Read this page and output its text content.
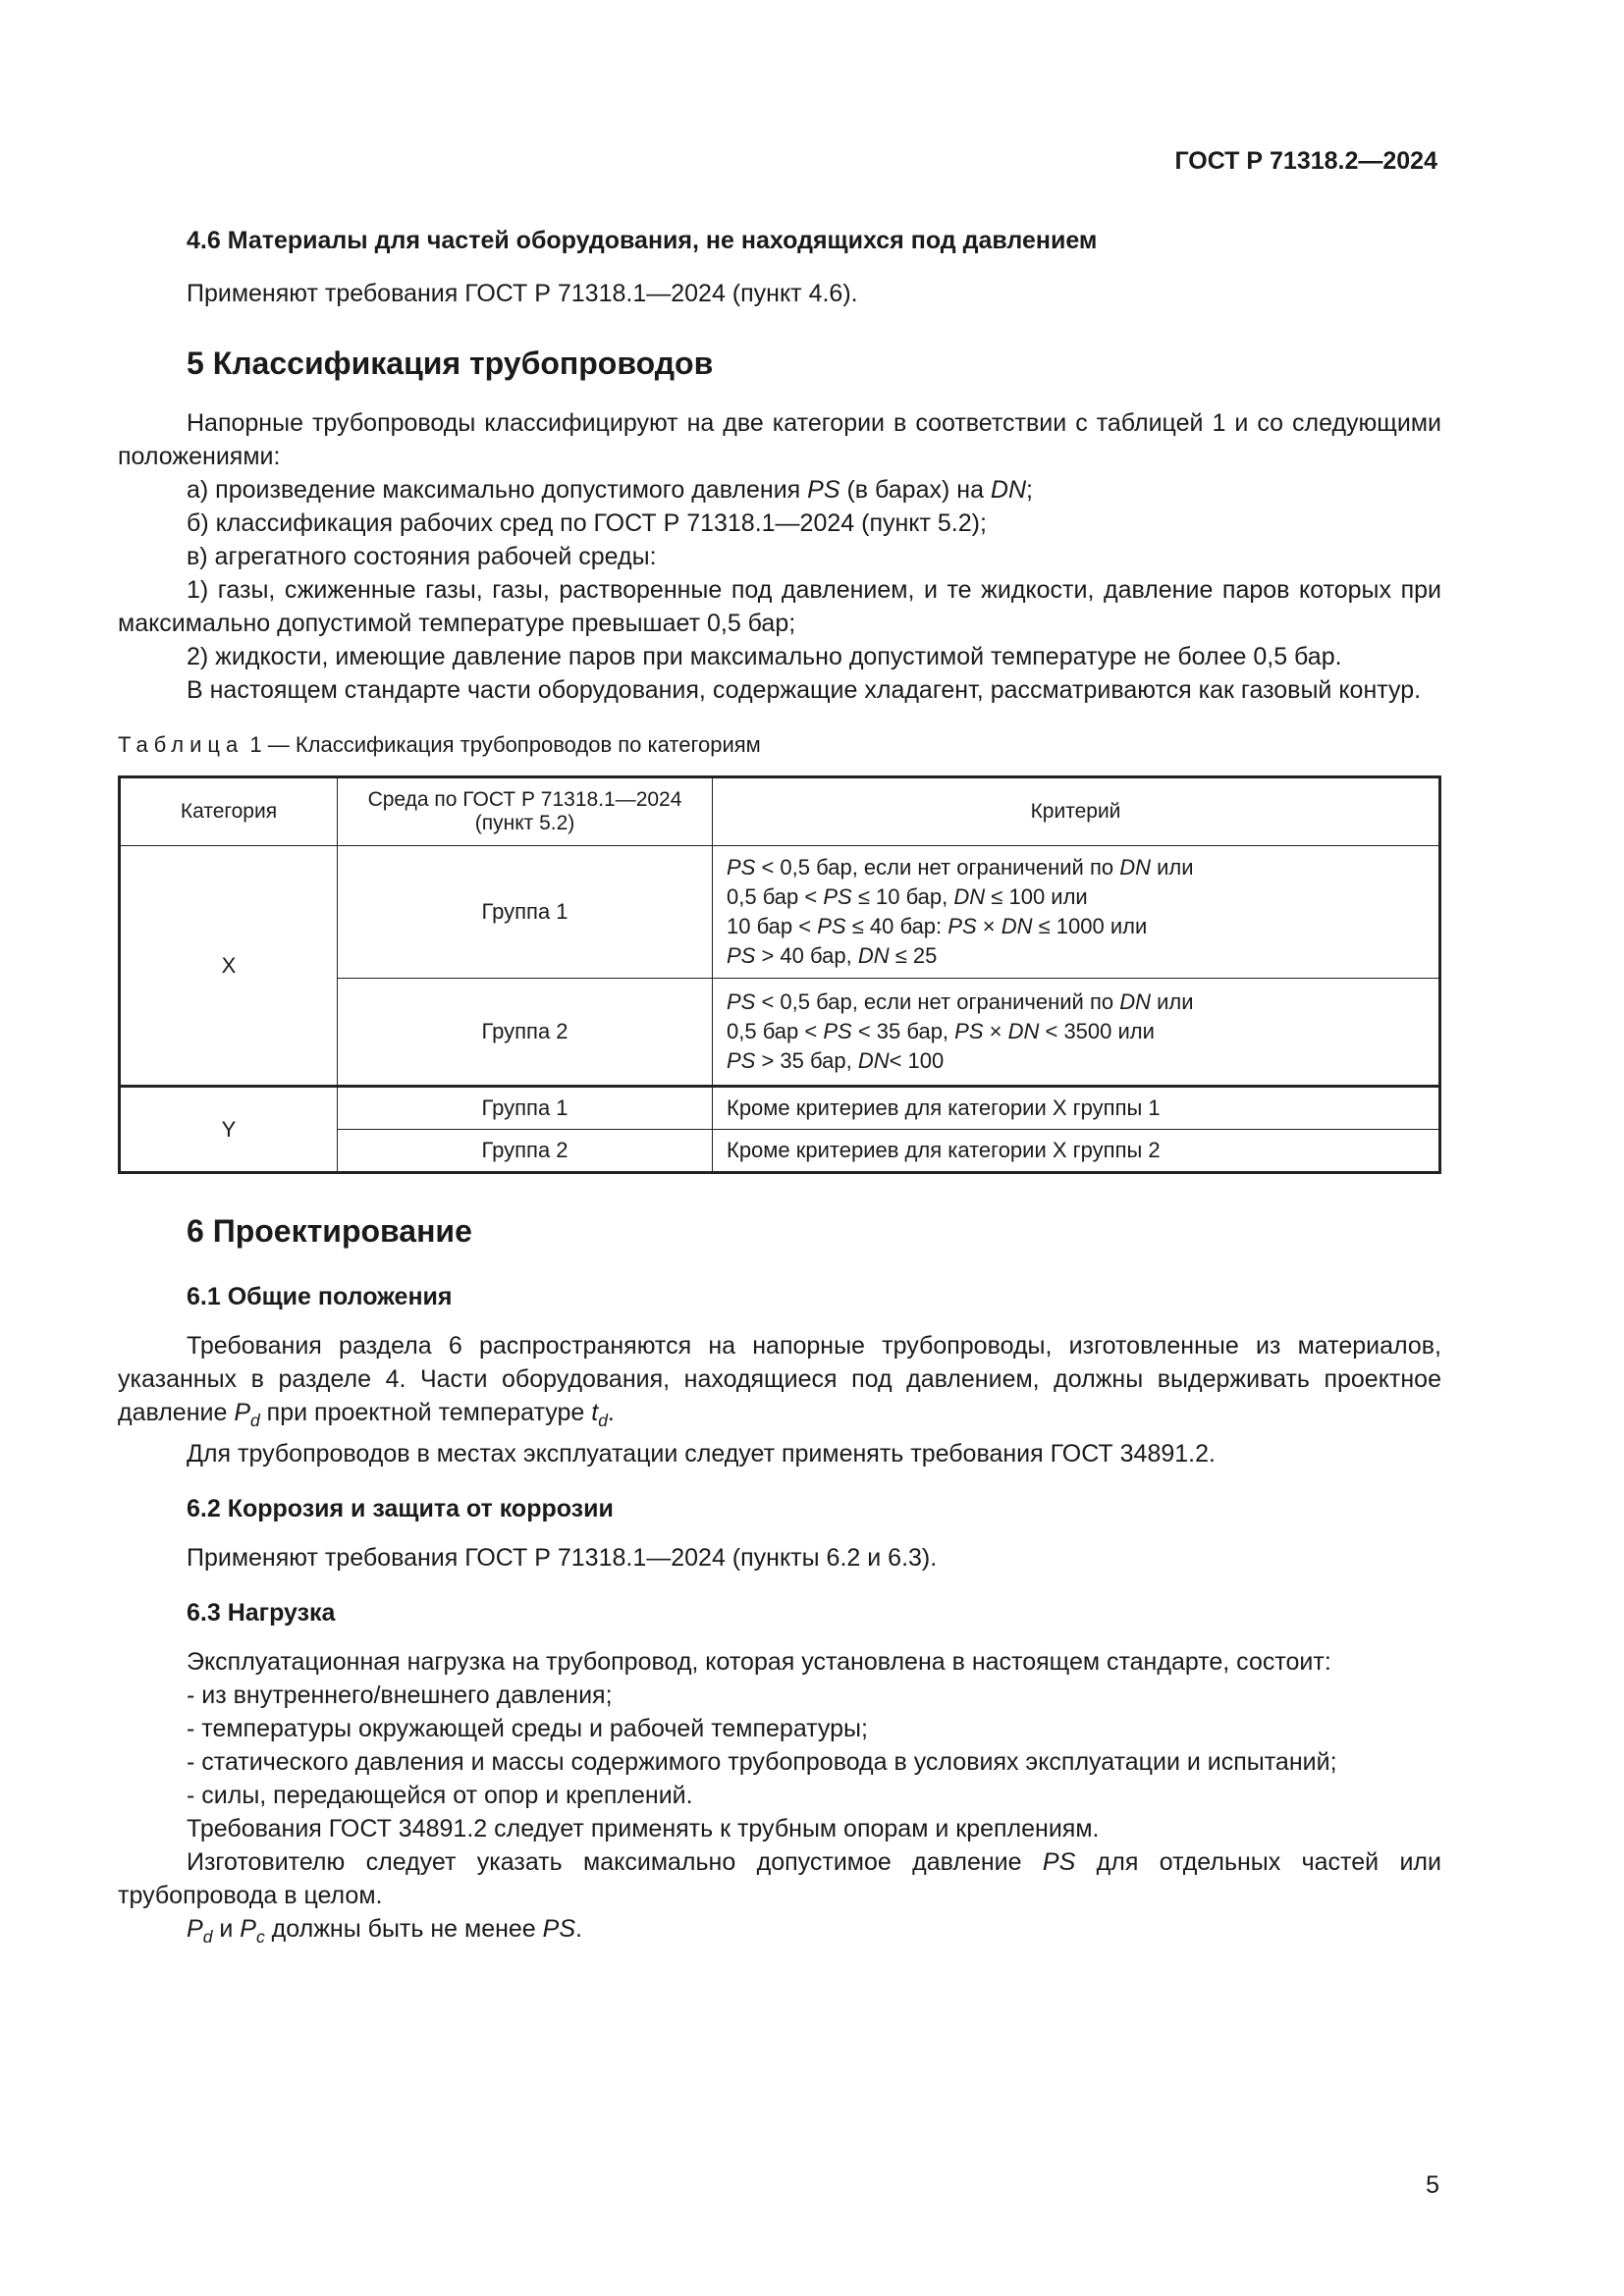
ГОСТ Р 71318.2—2024
4.6 Материалы для частей оборудования, не находящихся под давлением

Применяют требования ГОСТ Р 71318.1—2024 (пункт 4.6).

5 Классификация трубопроводов

Напорные трубопроводы классифицируют на две категории в соответствии с таблицей 1 и со следующими положениями:

а) произведение максимально допустимого давления PS (в барах) на DN;

б) классификация рабочих сред по ГОСТ Р 71318.1—2024 (пункт 5.2);

в) агрегатного состояния рабочей среды:

1) газы, сжиженные газы, газы, растворенные под давлением, и те жидкости, давление паров которых при максимально допустимой температуре превышает 0,5 бар;

2) жидкости, имеющие давление паров при максимально допустимой температуре не более 0,5 бар.

В настоящем стандарте части оборудования, содержащие хладагент, рассматриваются как газовый контур.

Таблица 1 — Классификация трубопроводов по категориям

Категория	Среда по ГОСТ Р 71318.1—2024 (пункт 5.2)	Критерий
X	Группа 1	PS < 0,5 бар, если нет ограничений по DN или
0,5 бар < PS ≤ 10 бар, DN ≤ 100 или
10 бар < PS ≤ 40 бар: PS × DN ≤ 1000 или
PS > 40 бар, DN ≤ 25

	Группа 2	PS < 0,5 бар, если нет ограничений по DN или
0,5 бар < PS < 35 бар, PS × DN < 3500 или
PS > 35 бар, DN< 100

Y	Группа 1	Кроме критериев для категории X группы 1
	Группа 2	Кроме критериев для категории X группы 2
6 Проектирование
6.1 Общие положения

Требования раздела 6 распространяются на напорные трубопроводы, изготовленные из материалов, указанных в разделе 4. Части оборудования, находящиеся под давлением, должны выдерживать проектное давление $P_d$ при проектной температуре $t_d$.

Для трубопроводов в местах эксплуатации следует применять требования ГОСТ 34891.2.

6.2 Коррозия и защита от коррозии

Применяют требования ГОСТ Р 71318.1—2024 (пункты 6.2 и 6.3).

6.3 Нагрузка

Эксплуатационная нагрузка на трубопровод, которая установлена в настоящем стандарте, состоит:

- из внутреннего/внешнего давления;

- температуры окружающей среды и рабочей температуры;

- статического давления и массы содержимого трубопровода в условиях эксплуатации и испытаний;

- силы, передающейся от опор и креплений.

Требования ГОСТ 34891.2 следует применять к трубным опорам и креплениям.

Изготовителю следует указать максимально допустимое давление PS для отдельных частей или трубопровода в целом.

$P_d$ и $P_c$ должны быть не менее PS.

5
